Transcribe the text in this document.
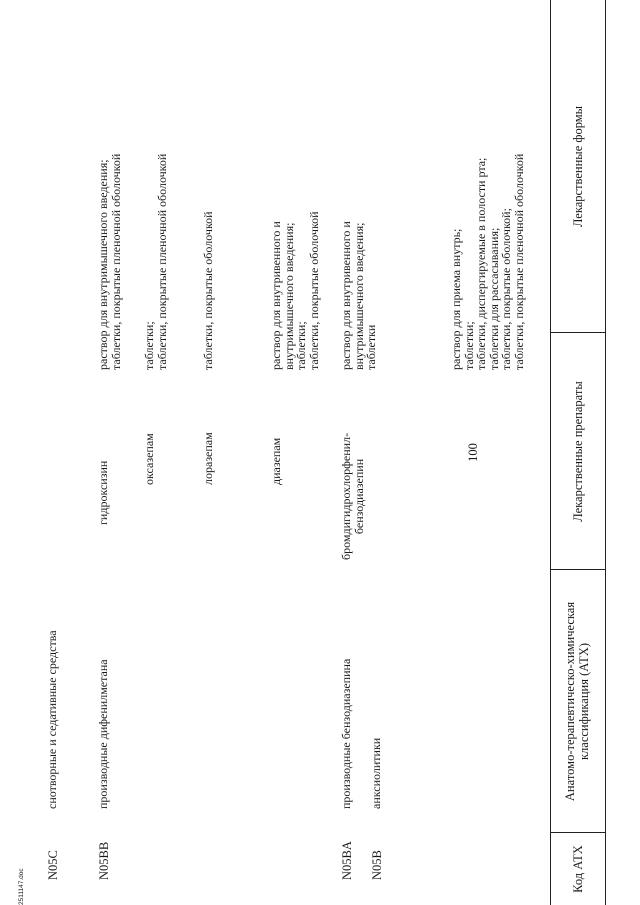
100
Код АТХ
Анатомо-терапевтическо-химическая классификация (АТХ)
Лекарственные препараты
Лекарственные формы
раствор для приема внутрь;
таблетки;
таблетки, диспергируемые в полости рта;
таблетки для рассасывания;
таблетки, покрытые оболочкой;
таблетки, покрытые пленочной оболочкой
N05B
анксиолитики
N05BA
производные бензодиазепина
бромдигидрохлорфенил-
бензодиазепин
раствор для внутривенного и
внутримышечного введения;
таблетки
диазепам
раствор для внутривенного и
внутримышечного введения;
таблетки;
таблетки, покрытые оболочкой
лоразепам
таблетки, покрытые оболочкой
оксазепам
таблетки;
таблетки, покрытые пленочной оболочкой
N05BB
производные дифенилметана
гидроксизин
раствор для внутримышечного введения;
таблетки, покрытые пленочной оболочкой
N05C
снотворные и седативные средства
2511147.doc
